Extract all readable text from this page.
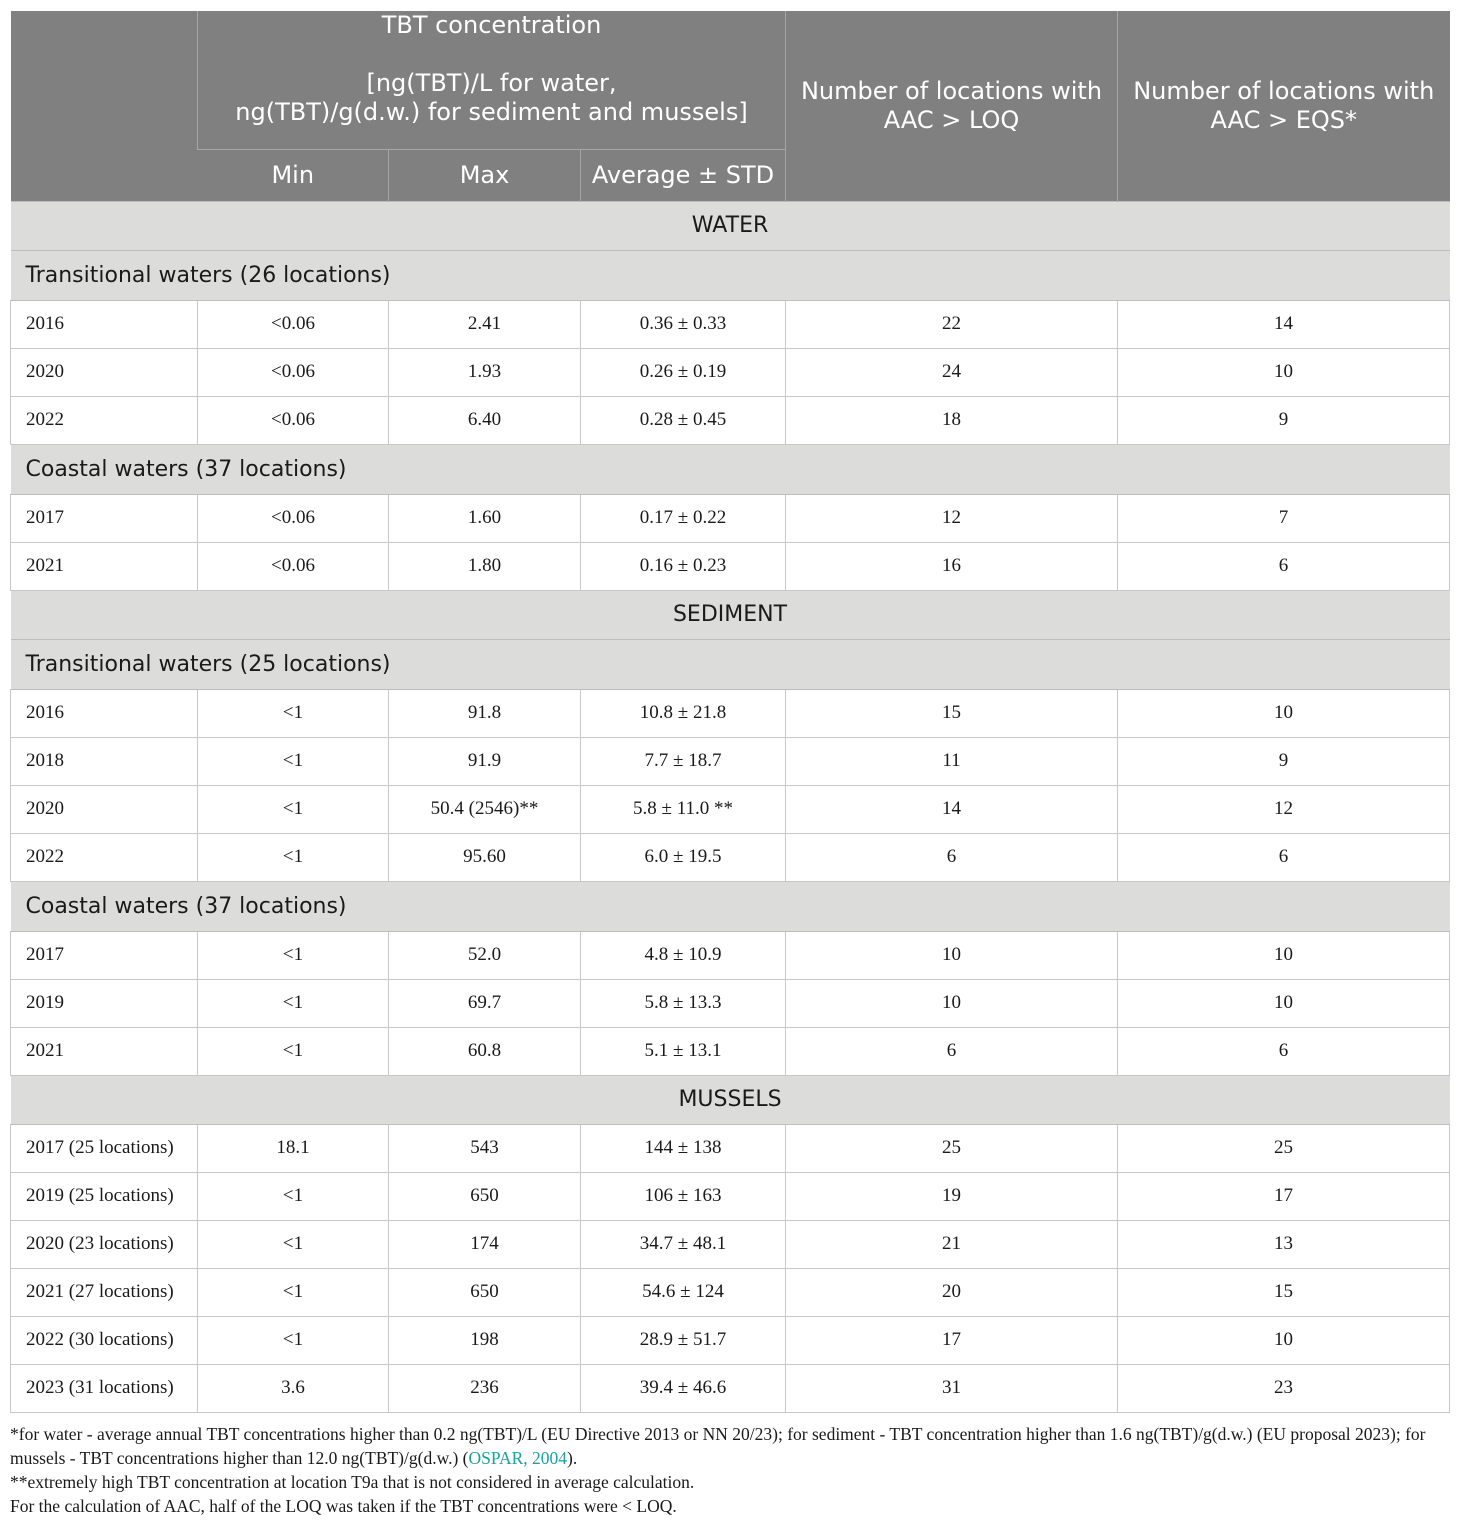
	TBT concentration
[ng(TBT)/L for water,
ng(TBT)/g(d.w.) for sediment and mussels]			Number of locations with
AAC > LOQ	Number of locations with
AAC > EQS*
	Min	Max	Average ± STD		
WATER					
Transitional waters (26 locations)					
2016	<0.06	2.41	0.36 ± 0.33	22	14
2020	<0.06	1.93	0.26 ± 0.19	24	10
2022	<0.06	6.40	0.28 ± 0.45	18	9
Coastal waters (37 locations)					
2017	<0.06	1.60	0.17 ± 0.22	12	7
2021	<0.06	1.80	0.16 ± 0.23	16	6
SEDIMENT					
Transitional waters (25 locations)					
2016	<1	91.8	10.8 ± 21.8	15	10
2018	<1	91.9	7.7 ± 18.7	11	9
2020	<1	50.4 (2546)**	5.8 ± 11.0 **	14	12
2022	<1	95.60	6.0 ± 19.5	6	6
Coastal waters (37 locations)					
2017	<1	52.0	4.8 ± 10.9	10	10
2019	<1	69.7	5.8 ± 13.3	10	10
2021	<1	60.8	5.1 ± 13.1	6	6
MUSSELS					
2017 (25 locations)	18.1	543	144 ± 138	25	25
2019 (25 locations)	<1	650	106 ± 163	19	17
2020 (23 locations)	<1	174	34.7 ± 48.1	21	13
2021 (27 locations)	<1	650	54.6 ± 124	20	15
2022 (30 locations)	<1	198	28.9 ± 51.7	17	10
2023 (31 locations)	3.6	236	39.4 ± 46.6	31	23

*for water - average annual TBT concentrations higher than 0.2 ng(TBT)/L (EU Directive 2013 or NN 20/23); for sediment - TBT concentration higher than 1.6 ng(TBT)/g(d.w.) (EU proposal 2023); for mussels - TBT concentrations higher than 12.0 ng(TBT)/g(d.w.) (OSPAR, 2004).

**extremely high TBT concentration at location T9a that is not considered in average calculation.

For the calculation of AAC, half of the LOQ was taken if the TBT concentrations were < LOQ.
